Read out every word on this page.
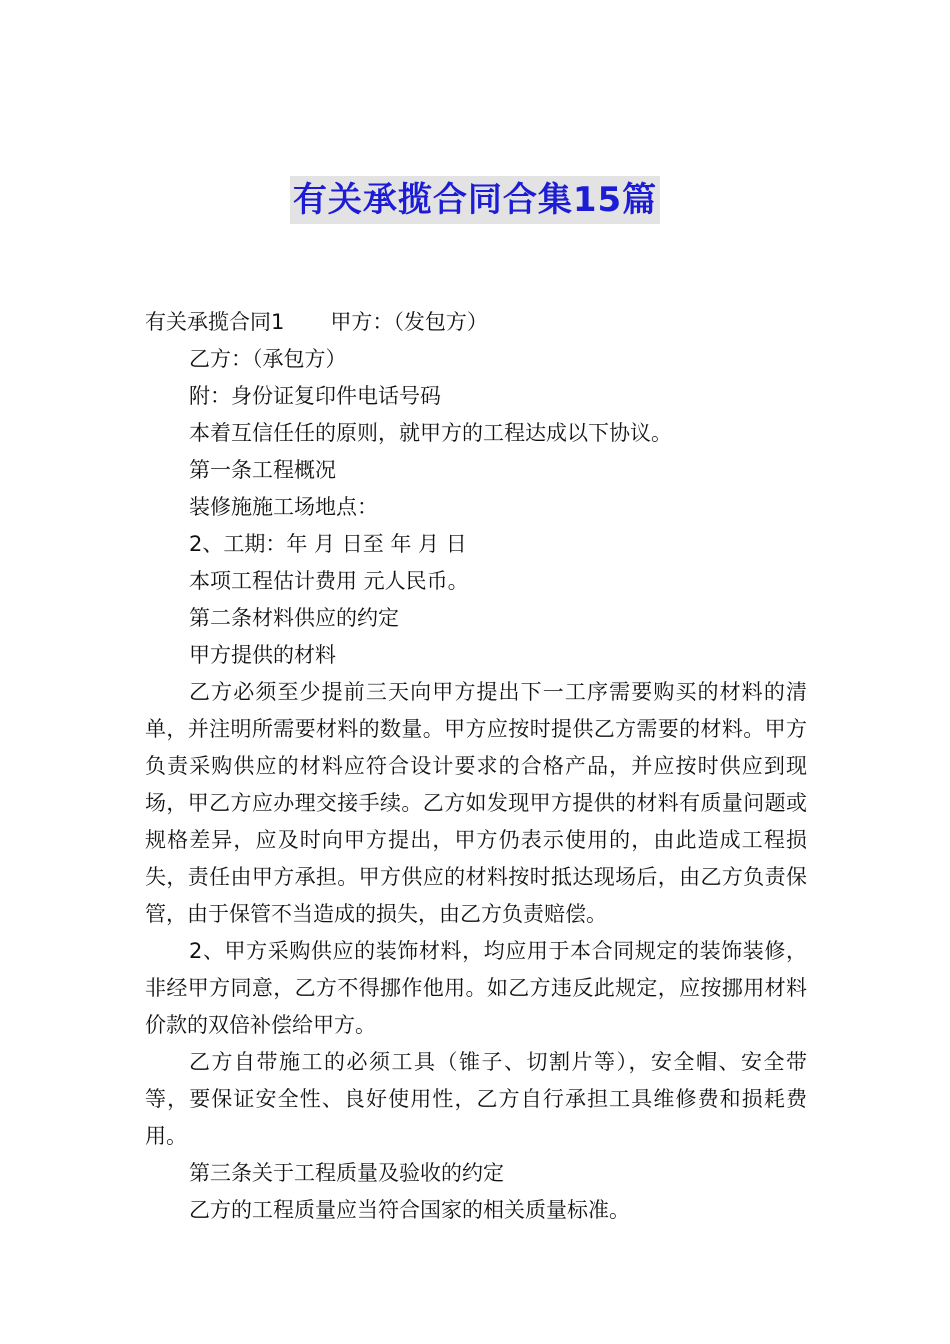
有关承揽合同合集15篇

有关承揽合同1 甲方：（发包方）

乙方：（承包方）

附：身份证复印件电话号码

本着互信任任的原则，就甲方的工程达成以下协议。

第一条工程概况

装修施施工场地点：

2、工期：年 月 日至 年 月 日

本项工程估计费用 元人民币。

第二条材料供应的约定

甲方提供的材料

乙方必须至少提前三天向甲方提出下一工序需要购买的材料的清单，并注明所需要材料的数量。甲方应按时提供乙方需要的材料。甲方负责采购供应的材料应符合设计要求的合格产品，并应按时供应到现场，甲乙方应办理交接手续。乙方如发现甲方提供的材料有质量问题或规格差异，应及时向甲方提出，甲方仍表示使用的，由此造成工程损失，责任由甲方承担。甲方供应的材料按时抵达现场后，由乙方负责保管，由于保管不当造成的损失，由乙方负责赔偿。

2、甲方采购供应的装饰材料，均应用于本合同规定的装饰装修，非经甲方同意，乙方不得挪作他用。如乙方违反此规定，应按挪用材料价款的双倍补偿给甲方。

乙方自带施工的必须工具（锥子、切割片等），安全帽、安全带等，要保证安全性、良好使用性，乙方自行承担工具维修费和损耗费用。

第三条关于工程质量及验收的约定

乙方的工程质量应当符合国家的相关质量标准。
